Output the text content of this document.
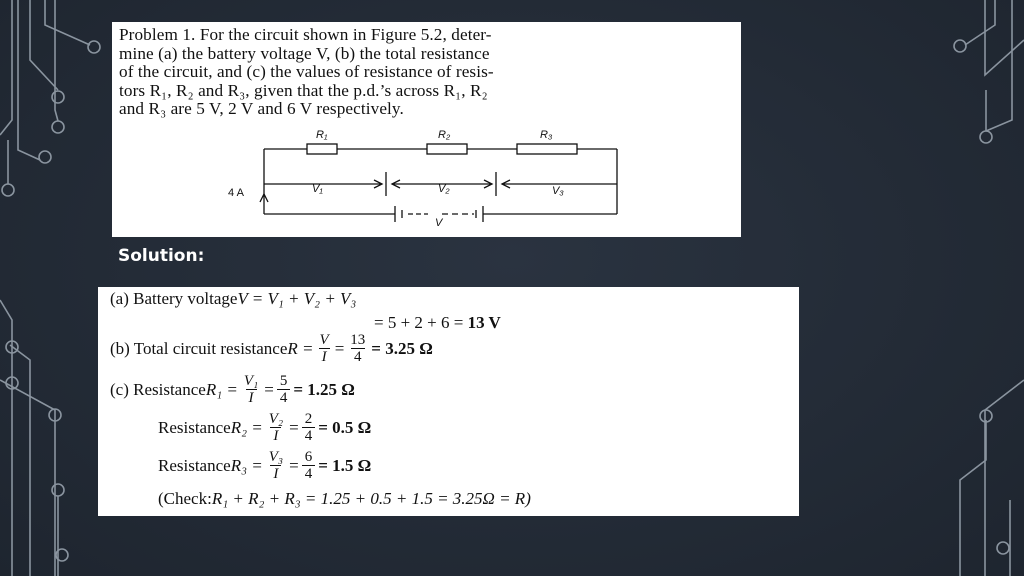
Problem 1. For the circuit shown in Figure 5.2, deter-

mine (a) the battery voltage V, (b) the total resistance

of the circuit, and (c) the values of resistance of resis-

tors R₁, R₂ and R₃, given that the p.d.’s across R₁, R₂

and R₃ are 5 V, 2 V and 6 V respectively.

R₁	R₂	R₃
V₁	V₂	V₃
V
4 A
Solution:
(a) Battery voltage V = V₁ + V₂ + V₃
= 5 + 2 + 6 =
13 V
(b) Total circuit resistance $R = \frac{V}{I} = \frac{13}{4} = 3.25$ Ω
(c) Resistance $R_1 = \frac{\text{V₁}}{I} = \frac{5}{4} = 1.25$ Ω
Resistance $R_2 = \frac{\text{V₂}}{I} = \frac{2}{4} = 0.5$ Ω
Resistance $R_3 = \frac{\text{V₃}}{I} = \frac{6}{4} = 1.5$ Ω
(Check: R₁ + R₂ + R₃ = 1.25 + 0.5 + 1.5 = 3.25Ω = R)
